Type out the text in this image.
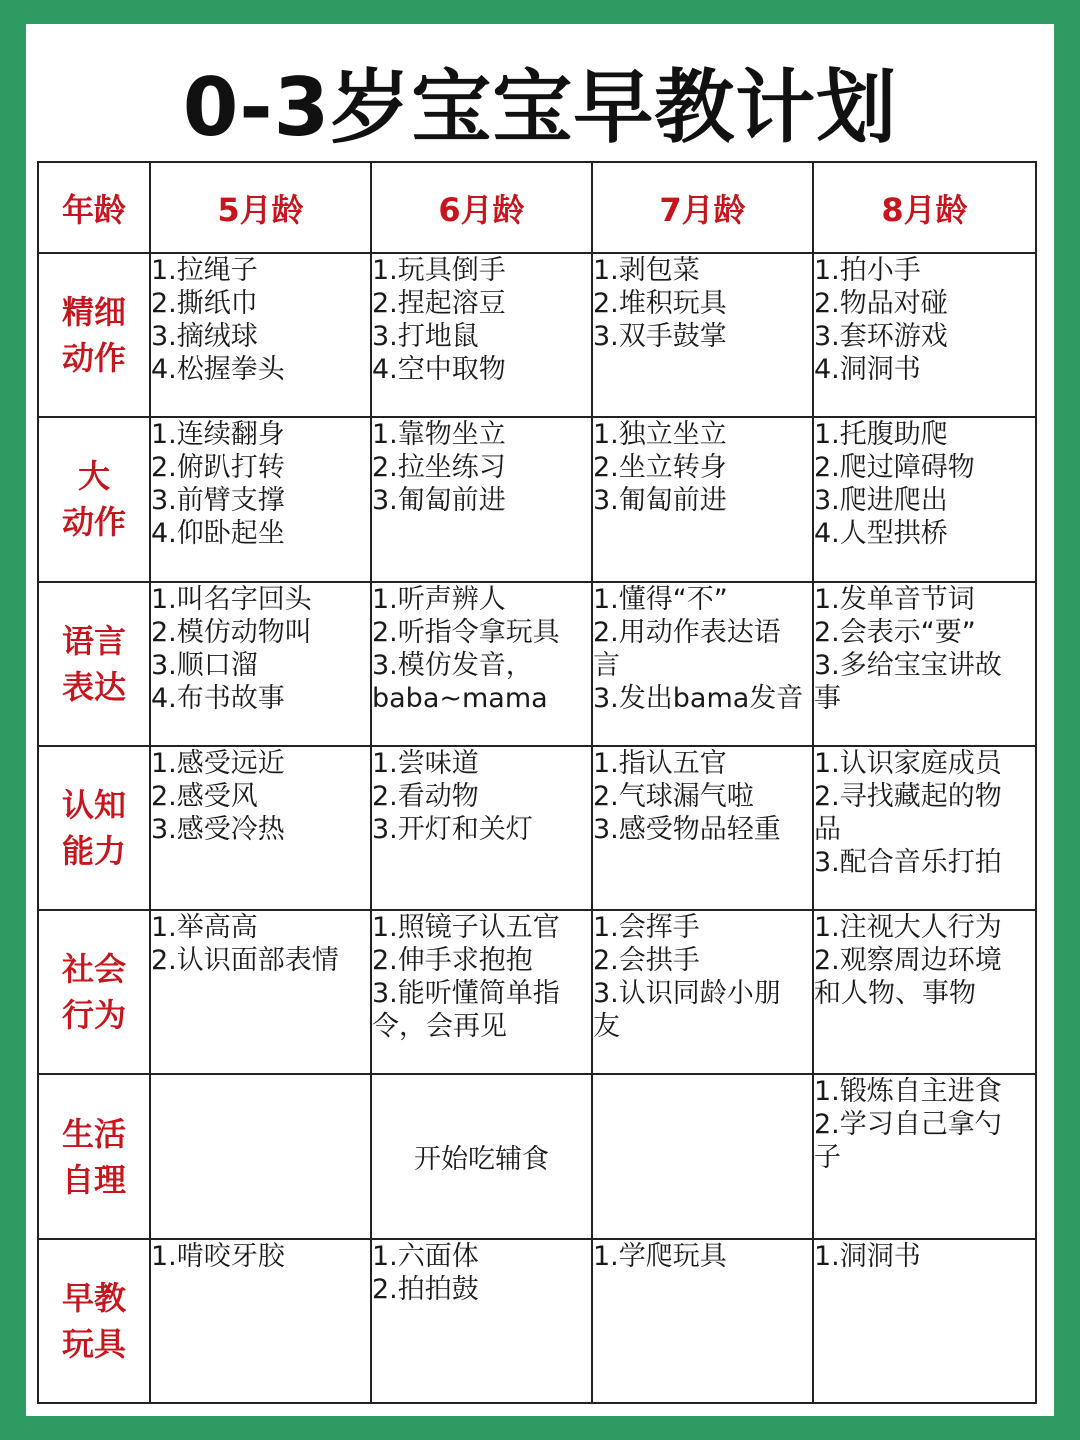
0-3岁宝宝早教计划
年龄	5月龄	6月龄	7月龄	8月龄

精细
动作	1.拉绳子
2.撕纸巾
3.摘绒球
4.松握拳头	1.玩具倒手
2.捏起溶豆
3.打地鼠
4.空中取物	1.剥包菜
2.堆积玩具
3.双手鼓掌	1.拍小手
2.物品对碰
3.套环游戏
4.洞洞书

大
动作	1.连续翻身
2.俯趴打转
3.前臂支撑
4.仰卧起坐	1.靠物坐立
2.拉坐练习
3.匍匐前进	1.独立坐立
2.坐立转身
3.匍匐前进	1.托腹助爬
2.爬过障碍物
3.爬进爬出
4.人型拱桥

语言
表达	1.叫名字回头
2.模仿动物叫
3.顺口溜
4.布书故事	1.听声辨人
2.听指令拿玩具
3.模仿发音，
baba~mama	1.懂得“不”
2.用动作表达语
言
3.发出bama发音	1.发单音节词
2.会表示“要”
3.多给宝宝讲故
事

认知
能力	1.感受远近
2.感受风
3.感受冷热	1.尝味道
2.看动物
3.开灯和关灯	1.指认五官
2.气球漏气啦
3.感受物品轻重	1.认识家庭成员
2.寻找藏起的物
品
3.配合音乐打拍

社会
行为	1.举高高
2.认识面部表情	1.照镜子认五官
2.伸手求抱抱
3.能听懂简单指
令，会再见	1.会挥手
2.会拱手
3.认识同龄小朋
友	1.注视大人行为
2.观察周边环境
和人物、事物

生活
自理		开始吃辅食		1.锻炼自主进食
2.学习自己拿勺
子

早教
玩具	1.啃咬牙胶	1.六面体
2.拍拍鼓	1.学爬玩具	1.洞洞书
